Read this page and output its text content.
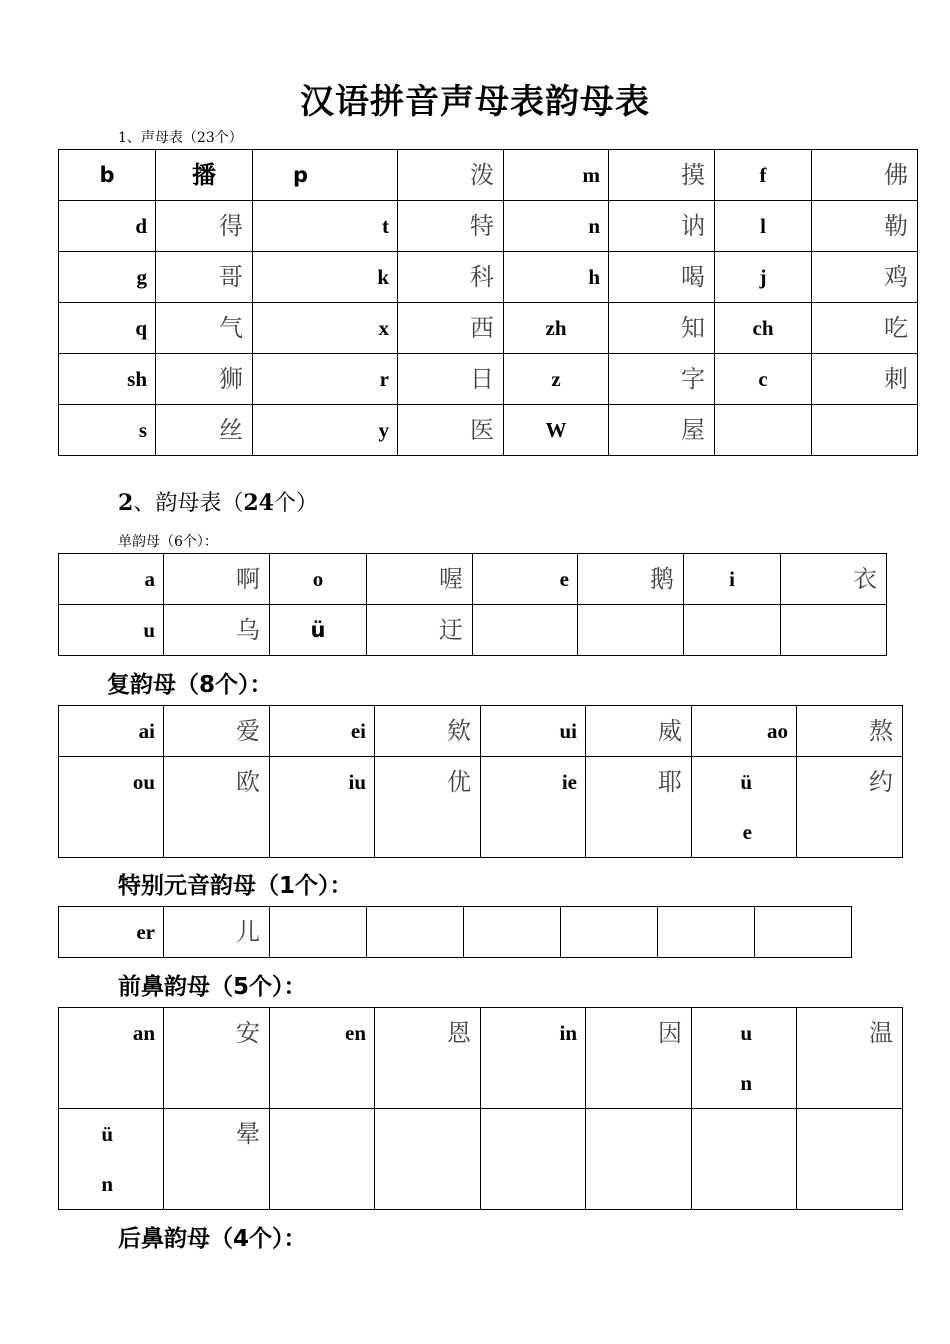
汉语拼音声母表韵母表
1、声母表（23个）
b	播	p	泼	m	摸	f	佛

d	得	t	特	n	讷	l	勒

g	哥	k	科	h	喝	j	鸡

q	气	x	西	zh	知	ch	吃

sh	狮	r	日	z	字	c	刺

s	丝	y	医	W	屋		

2、韵母表（24个）
单韵母（6个）：
a	啊	o	喔	e	鹅	i	衣

u	乌	ü	迂				

复韵母（8个）：
ai	爱	ei	欸	ui	威	ao	熬

ou	欧	iu	优	ie	耶	üe	约
特别元音韵母（1个）：
er	儿

前鼻韵母（5个）：
an	安	en	恩	in	因	un	温

ün	晕						

后鼻韵母（4个）：
